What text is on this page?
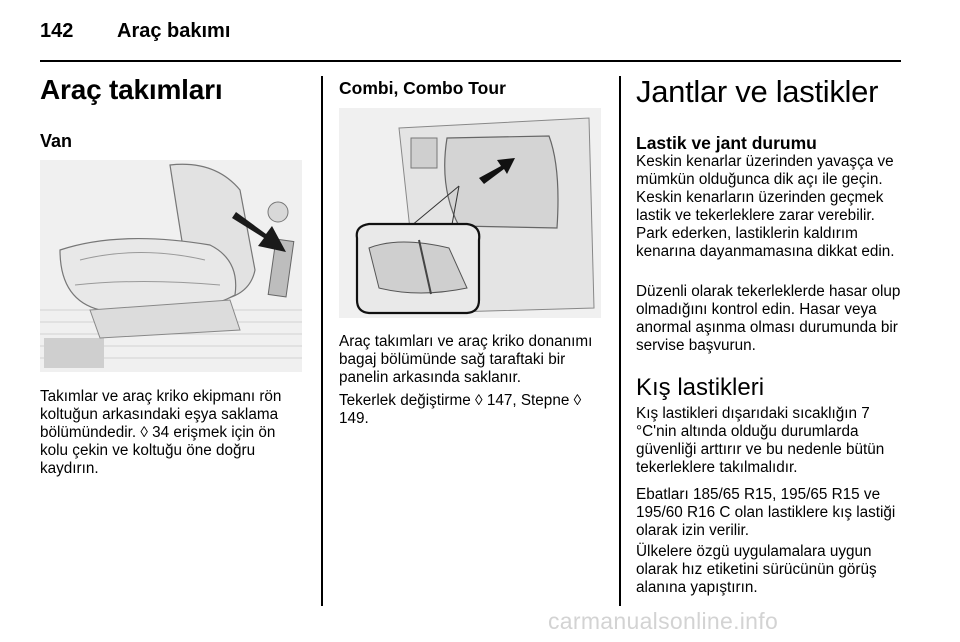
142 Araç bakımı
Araç takımları
Van

Takımlar ve araç kriko ekipmanı rön koltuğun arkasındaki eşya saklama bölümündedir. ◊ 34 erişmek için ön kolu çekin ve koltuğu öne doğru kaydırın.

Combi, Combo Tour

Araç takımları ve araç kriko donanımı bagaj bölümünde sağ taraftaki bir panelin arkasında saklanır.

Tekerlek değiştirme ◊ 147, Stepne ◊ 149.

Jantlar ve lastikler
Lastik ve jant durumu

Keskin kenarlar üzerinden yavaşça ve mümkün olduğunca dik açı ile geçin. Keskin kenarların üzerinden geçmek lastik ve tekerleklere zarar verebilir. Park ederken, lastiklerin kaldırım kenarına dayanmamasına dikkat edin.

Düzenli olarak tekerleklerde hasar olup olmadığını kontrol edin. Hasar veya anormal aşınma olması durumunda bir servise başvurun.

Kış lastikleri

Kış lastikleri dışarıdaki sıcaklığın 7 °C'nin altında olduğu durumlarda güvenliği arttırır ve bu nedenle bütün tekerleklere takılmalıdır.

Ebatları 185/65 R15, 195/65 R15 ve 195/60 R16 C olan lastiklere kış lastiği olarak izin verilir.

Ülkelere özgü uygulamalara uygun olarak hız etiketini sürücünün görüş alanına yapıştırın.

carmanualsonline.info
